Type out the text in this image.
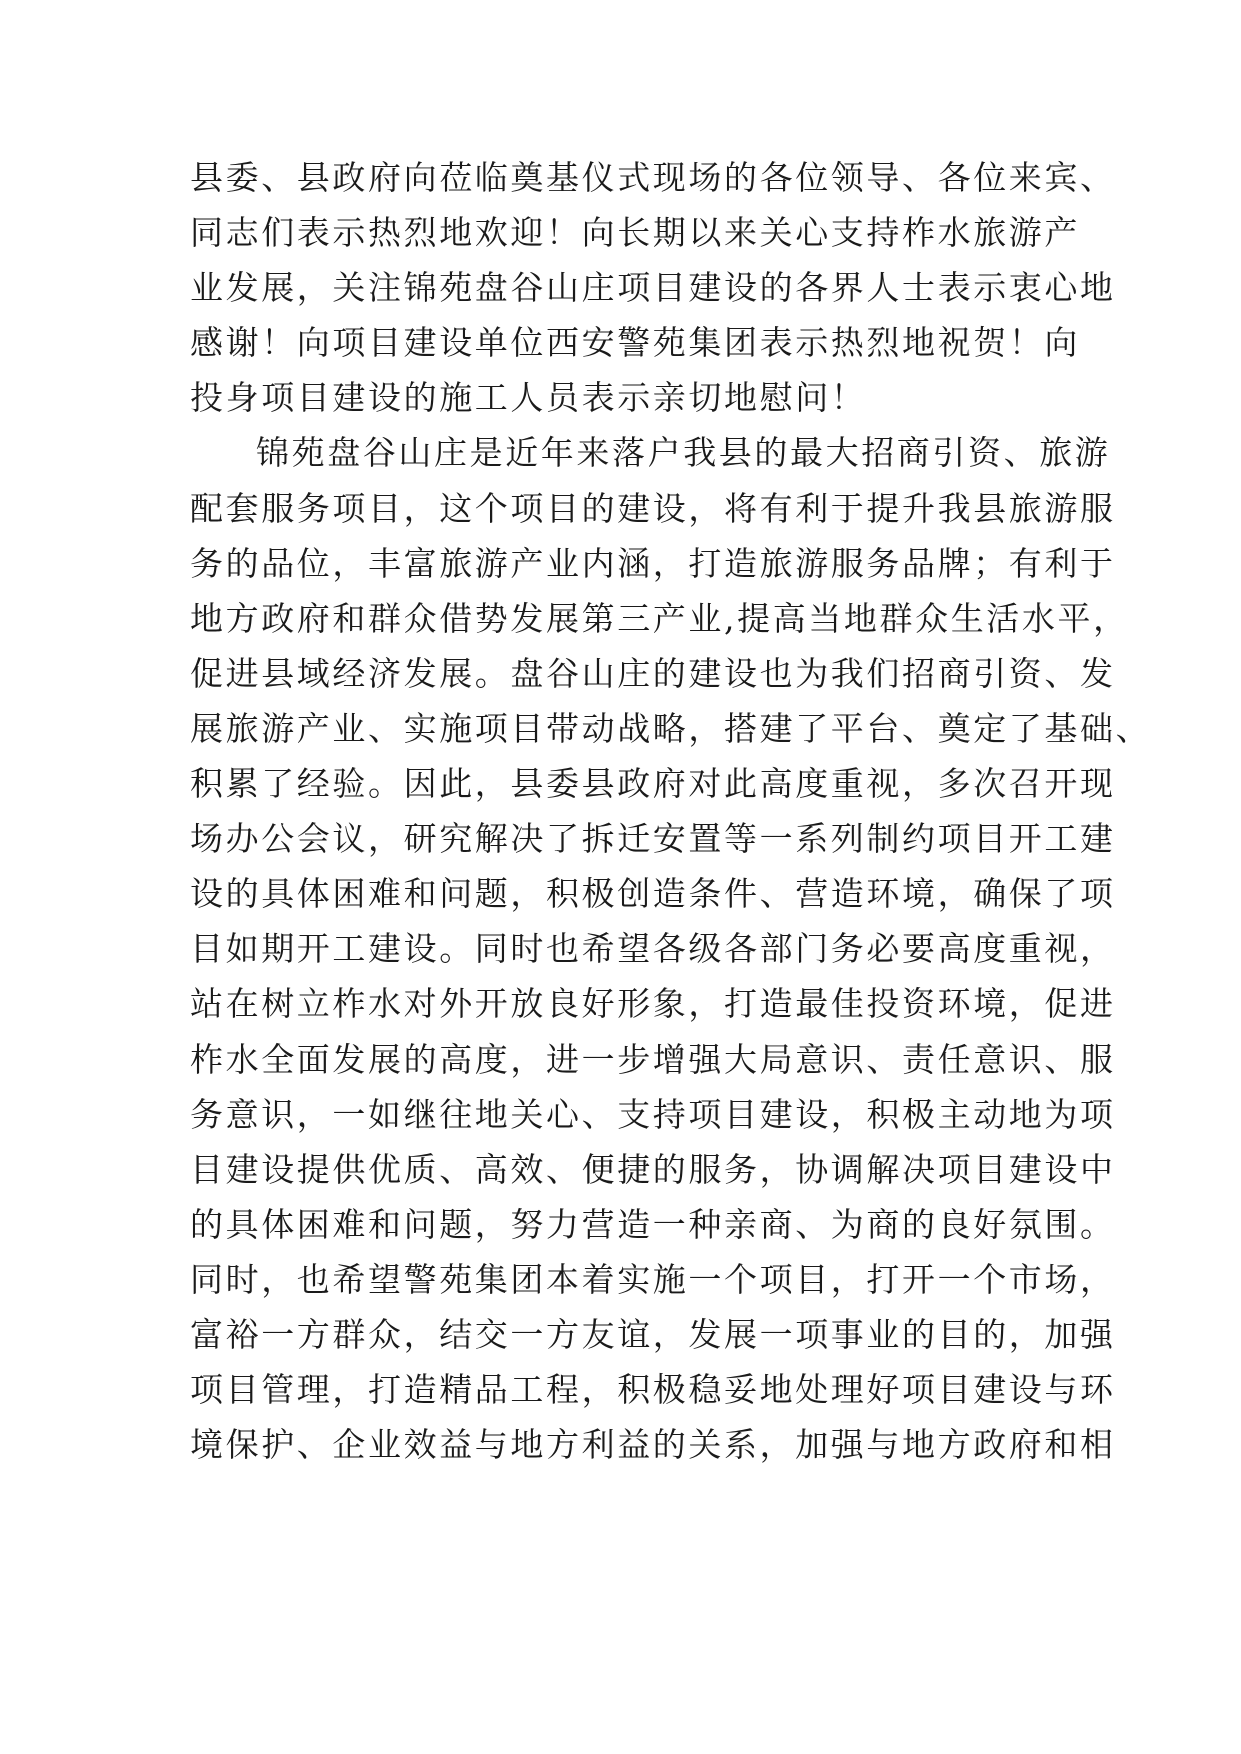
县委、县政府向莅临奠基仪式现场的各位领导、各位来宾、
同志们表示热烈地欢迎！向长期以来关心支持柞水旅游产
业发展，关注锦苑盘谷山庄项目建设的各界人士表示衷心地
感谢！向项目建设单位西安警苑集团表示热烈地祝贺！向
投身项目建设的施工人员表示亲切地慰问！
锦苑盘谷山庄是近年来落户我县的最大招商引资、旅游
配套服务项目，这个项目的建设，将有利于提升我县旅游服
务的品位，丰富旅游产业内涵，打造旅游服务品牌；有利于
地方政府和群众借势发展第三产业,提高当地群众生活水平，
促进县域经济发展。盘谷山庄的建设也为我们招商引资、发
展旅游产业、实施项目带动战略，搭建了平台、奠定了基础、
积累了经验。因此，县委县政府对此高度重视，多次召开现
场办公会议，研究解决了拆迁安置等一系列制约项目开工建
设的具体困难和问题，积极创造条件、营造环境，确保了项
目如期开工建设。同时也希望各级各部门务必要高度重视，
站在树立柞水对外开放良好形象，打造最佳投资环境，促进
柞水全面发展的高度，进一步增强大局意识、责任意识、服
务意识，一如继往地关心、支持项目建设，积极主动地为项
目建设提供优质、高效、便捷的服务，协调解决项目建设中
的具体困难和问题，努力营造一种亲商、为商的良好氛围。
同时，也希望警苑集团本着实施一个项目，打开一个市场，
富裕一方群众，结交一方友谊，发展一项事业的目的，加强
项目管理，打造精品工程，积极稳妥地处理好项目建设与环
境保护、企业效益与地方利益的关系，加强与地方政府和相
